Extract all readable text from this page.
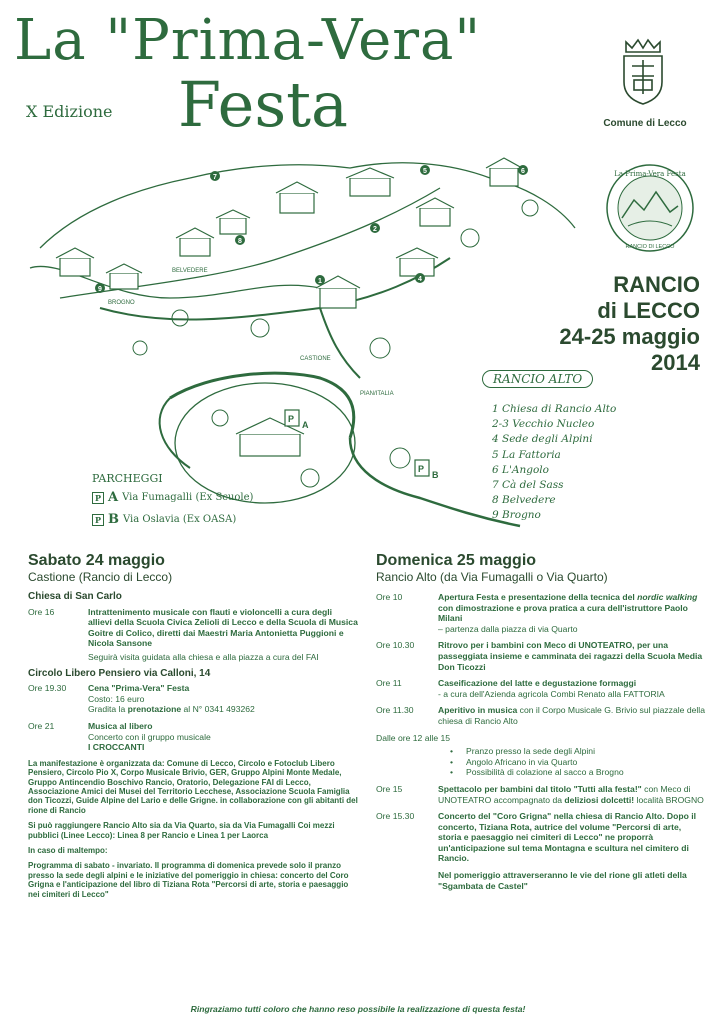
La "Prima-Vera"
X Edizione Festa	Comune di Lecco
1
7
8
5	6
2
4
9
P
A
P
B
BELVEDERE
BROGNO
PIAN/ITALIA
CASTIONE
La Prima-Vera Festa
RANCIO DI LECCO
RANCIO
di LECCO
24-25 maggio
2014
RANCIO ALTO
1 Chiesa di Rancio Alto
2-3 Vecchio Nucleo
4 Sede degli Alpini
5 La Fattoria
6 L'Angolo
7 Cà del Sass
8 Belvedere
9 Brogno
PARCHEGGI
P A Via Fumagalli (Ex Scuole)
P B Via Oslavia (Ex OASA)
Sabato 24 maggio
Castione (Rancio di Lecco)
Chiesa di San Carlo
Ore 16	Intrattenimento musicale con flauti e violoncelli a cura degli allievi della Scuola Civica Zelioli di Lecco e della Scuola di Musica Goitre di Colico, diretti dai Maestri Maria Antonietta Puggioni e Nicola Sansone
Seguirà visita guidata alla chiesa e alla piazza a cura del FAI
Circolo Libero Pensiero via Calloni, 14
Ore 19.30	Cena "Prima-Vera" Festa
Costo: 16 euro
Gradita la prenotazione al N° 0341 493262
Ore 21	Musica al libero
Concerto con il gruppo musicale
I CROCCANTI

La manifestazione è organizzata da: Comune di Lecco, Circolo e Fotoclub Libero Pensiero, Circolo Pio X, Corpo Musicale Brivio, GER, Gruppo Alpini Monte Medale, Gruppo Antincendio Boschivo Rancio, Oratorio, Delegazione FAI di Lecco, Associazione Amici dei Musei del Territorio Lecchese, Associazione Scuola Famiglia don Ticozzi, Guide Alpine del Lario e delle Grigne. in collaborazione con gli abitanti del rione di Rancio

Si può raggiungere Rancio Alto sia da Via Quarto, sia da Via Fumagalli Coi mezzi pubblici (Linee Lecco): Linea 8 per Rancio e Linea 1 per Laorca

In caso di maltempo:

Programma di sabato - invariato. Il programma di domenica prevede solo il pranzo presso la sede degli alpini e le iniziative del pomeriggio in chiesa: concerto del Coro Grigna e l'anticipazione del libro di Tiziana Rota "Percorsi di arte, storia e paesaggio nei cimiteri di Lecco"

Domenica 25 maggio
Rancio Alto (da Via Fumagalli o Via Quarto)
Ore 10	Apertura Festa e presentazione della tecnica del nordic walking con dimostrazione e prova pratica a cura dell'istruttore Paolo Milani
– partenza dalla piazza di via Quarto
Ore 10.30	Ritrovo per i bambini con Meco di UNOTEATRO, per una passeggiata insieme e camminata dei ragazzi della Scuola Media Don Ticozzi
Ore 11	Caseificazione del latte e degustazione formaggi
- a cura dell'Azienda agricola Combi Renato alla FATTORIA
Ore 11.30	Aperitivo in musica con il Corpo Musicale G. Brivio sul piazzale della chiesa di Rancio Alto
Dalle ore 12 alle 15
• Pranzo presso la sede degli Alpini
• Angolo Africano in via Quarto
• Possibilità di colazione al sacco a Brogno
Ore 15	Spettacolo per bambini dal titolo "Tutti alla festa!" con Meco di UNOTEATRO accompagnato da deliziosi dolcetti! località BROGNO
Ore 15.30	Concerto del "Coro Grigna" nella chiesa di Rancio Alto. Dopo il concerto, Tiziana Rota, autrice del volume "Percorsi di arte, storia e paesaggio nei cimiteri di Lecco" ne proporrà un'anticipazione sul tema Montagna e scultura nel cimitero di Rancio.
Nel pomeriggio attraverseranno le vie del rione gli atleti della "Sgambata de Castel"
Ringraziamo tutti coloro che hanno reso possibile la realizzazione di questa festa!
